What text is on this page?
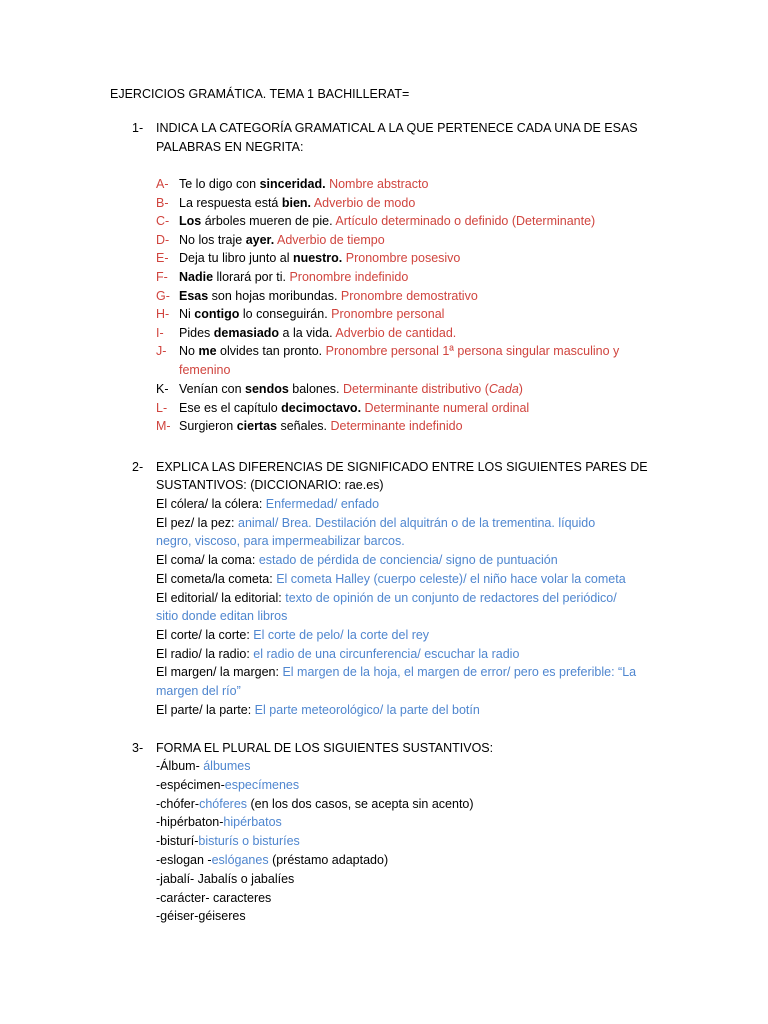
EJERCICIOS GRAMÁTICA. TEMA 1 BACHILLERAT=
1- INDICA LA CATEGORÍA GRAMATICAL A LA QUE PERTENECE CADA UNA DE ESAS
PALABRAS EN NEGRITA:
A- Te lo digo con sinceridad. Nombre abstracto
B- La respuesta está bien. Adverbio de modo
C- Los árboles mueren de pie. Artículo determinado o definido (Determinante)
D- No los traje ayer. Adverbio de tiempo
E- Deja tu libro junto al nuestro. Pronombre posesivo
F- Nadie llorará por ti. Pronombre indefinido
G- Esas son hojas moribundas. Pronombre demostrativo
H- Ni contigo lo conseguirán. Pronombre personal
I- Pides demasiado a la vida. Adverbio de cantidad.
J- No me olvides tan pronto. Pronombre personal 1ª persona singular masculino y
femenino
K- Venían con sendos balones. Determinante distributivo (Cada)
L- Ese es el capítulo decimoctavo. Determinante numeral ordinal
M- Surgieron ciertas señales. Determinante indefinido
2- EXPLICA LAS DIFERENCIAS DE SIGNIFICADO ENTRE LOS SIGUIENTES PARES DE
SUSTANTIVOS: (DICCIONARIO: rae.es)
El cólera/ la cólera: Enfermedad/ enfado
El pez/ la pez: animal/ Brea. Destilación del alquitrán o de la trementina. líquido
negro, viscoso, para impermeabilizar barcos.
El coma/ la coma: estado de pérdida de conciencia/ signo de puntuación
El cometa/la cometa: El cometa Halley (cuerpo celeste)/ el niño hace volar la cometa
El editorial/ la editorial: texto de opinión de un conjunto de redactores del periódico/
sitio donde editan libros
El corte/ la corte: El corte de pelo/ la corte del rey
El radio/ la radio: el radio de una circunferencia/ escuchar la radio
El margen/ la margen: El margen de la hoja, el margen de error/ pero es preferible: “La
margen del río”
El parte/ la parte: El parte meteorológico/ la parte del botín
3- FORMA EL PLURAL DE LOS SIGUIENTES SUSTANTIVOS:
-Álbum- álbumes
-espécimen-especímenes
-chófer-chóferes (en los dos casos, se acepta sin acento)
-hipérbaton-hipérbatos
-bisturí-bisturís o bisturíes
-eslogan -eslóganes (préstamo adaptado)
-jabalí- Jabalís o jabalíes
-carácter- caracteres
-géiser-géiseres
